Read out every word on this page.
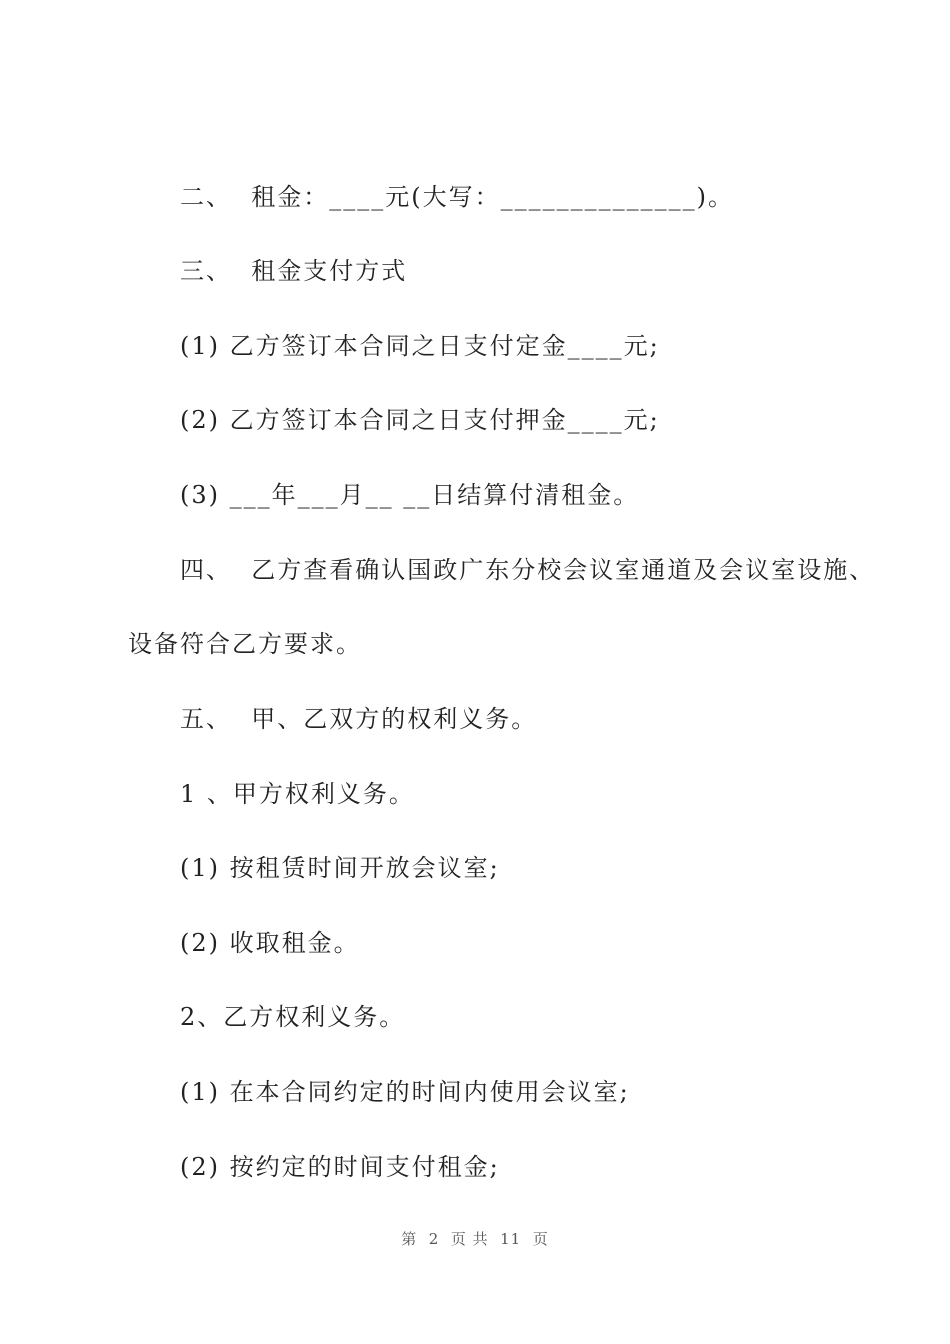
二、  租金：____元(大写：______________)。
三、  租金支付方式
(1) 乙方签订本合同之日支付定金____元;
(2) 乙方签订本合同之日支付押金____元;
(3) ___年___月__ __日结算付清租金。
四、  乙方查看确认国政广东分校会议室通道及会议室设施、
设备符合乙方要求。
五、  甲、乙双方的权利义务。
1 、甲方权利义务。
(1) 按租赁时间开放会议室;
(2) 收取租金。
2、乙方权利义务。
(1) 在本合同约定的时间内使用会议室;
(2) 按约定的时间支付租金;
第  2  页 共  11  页
